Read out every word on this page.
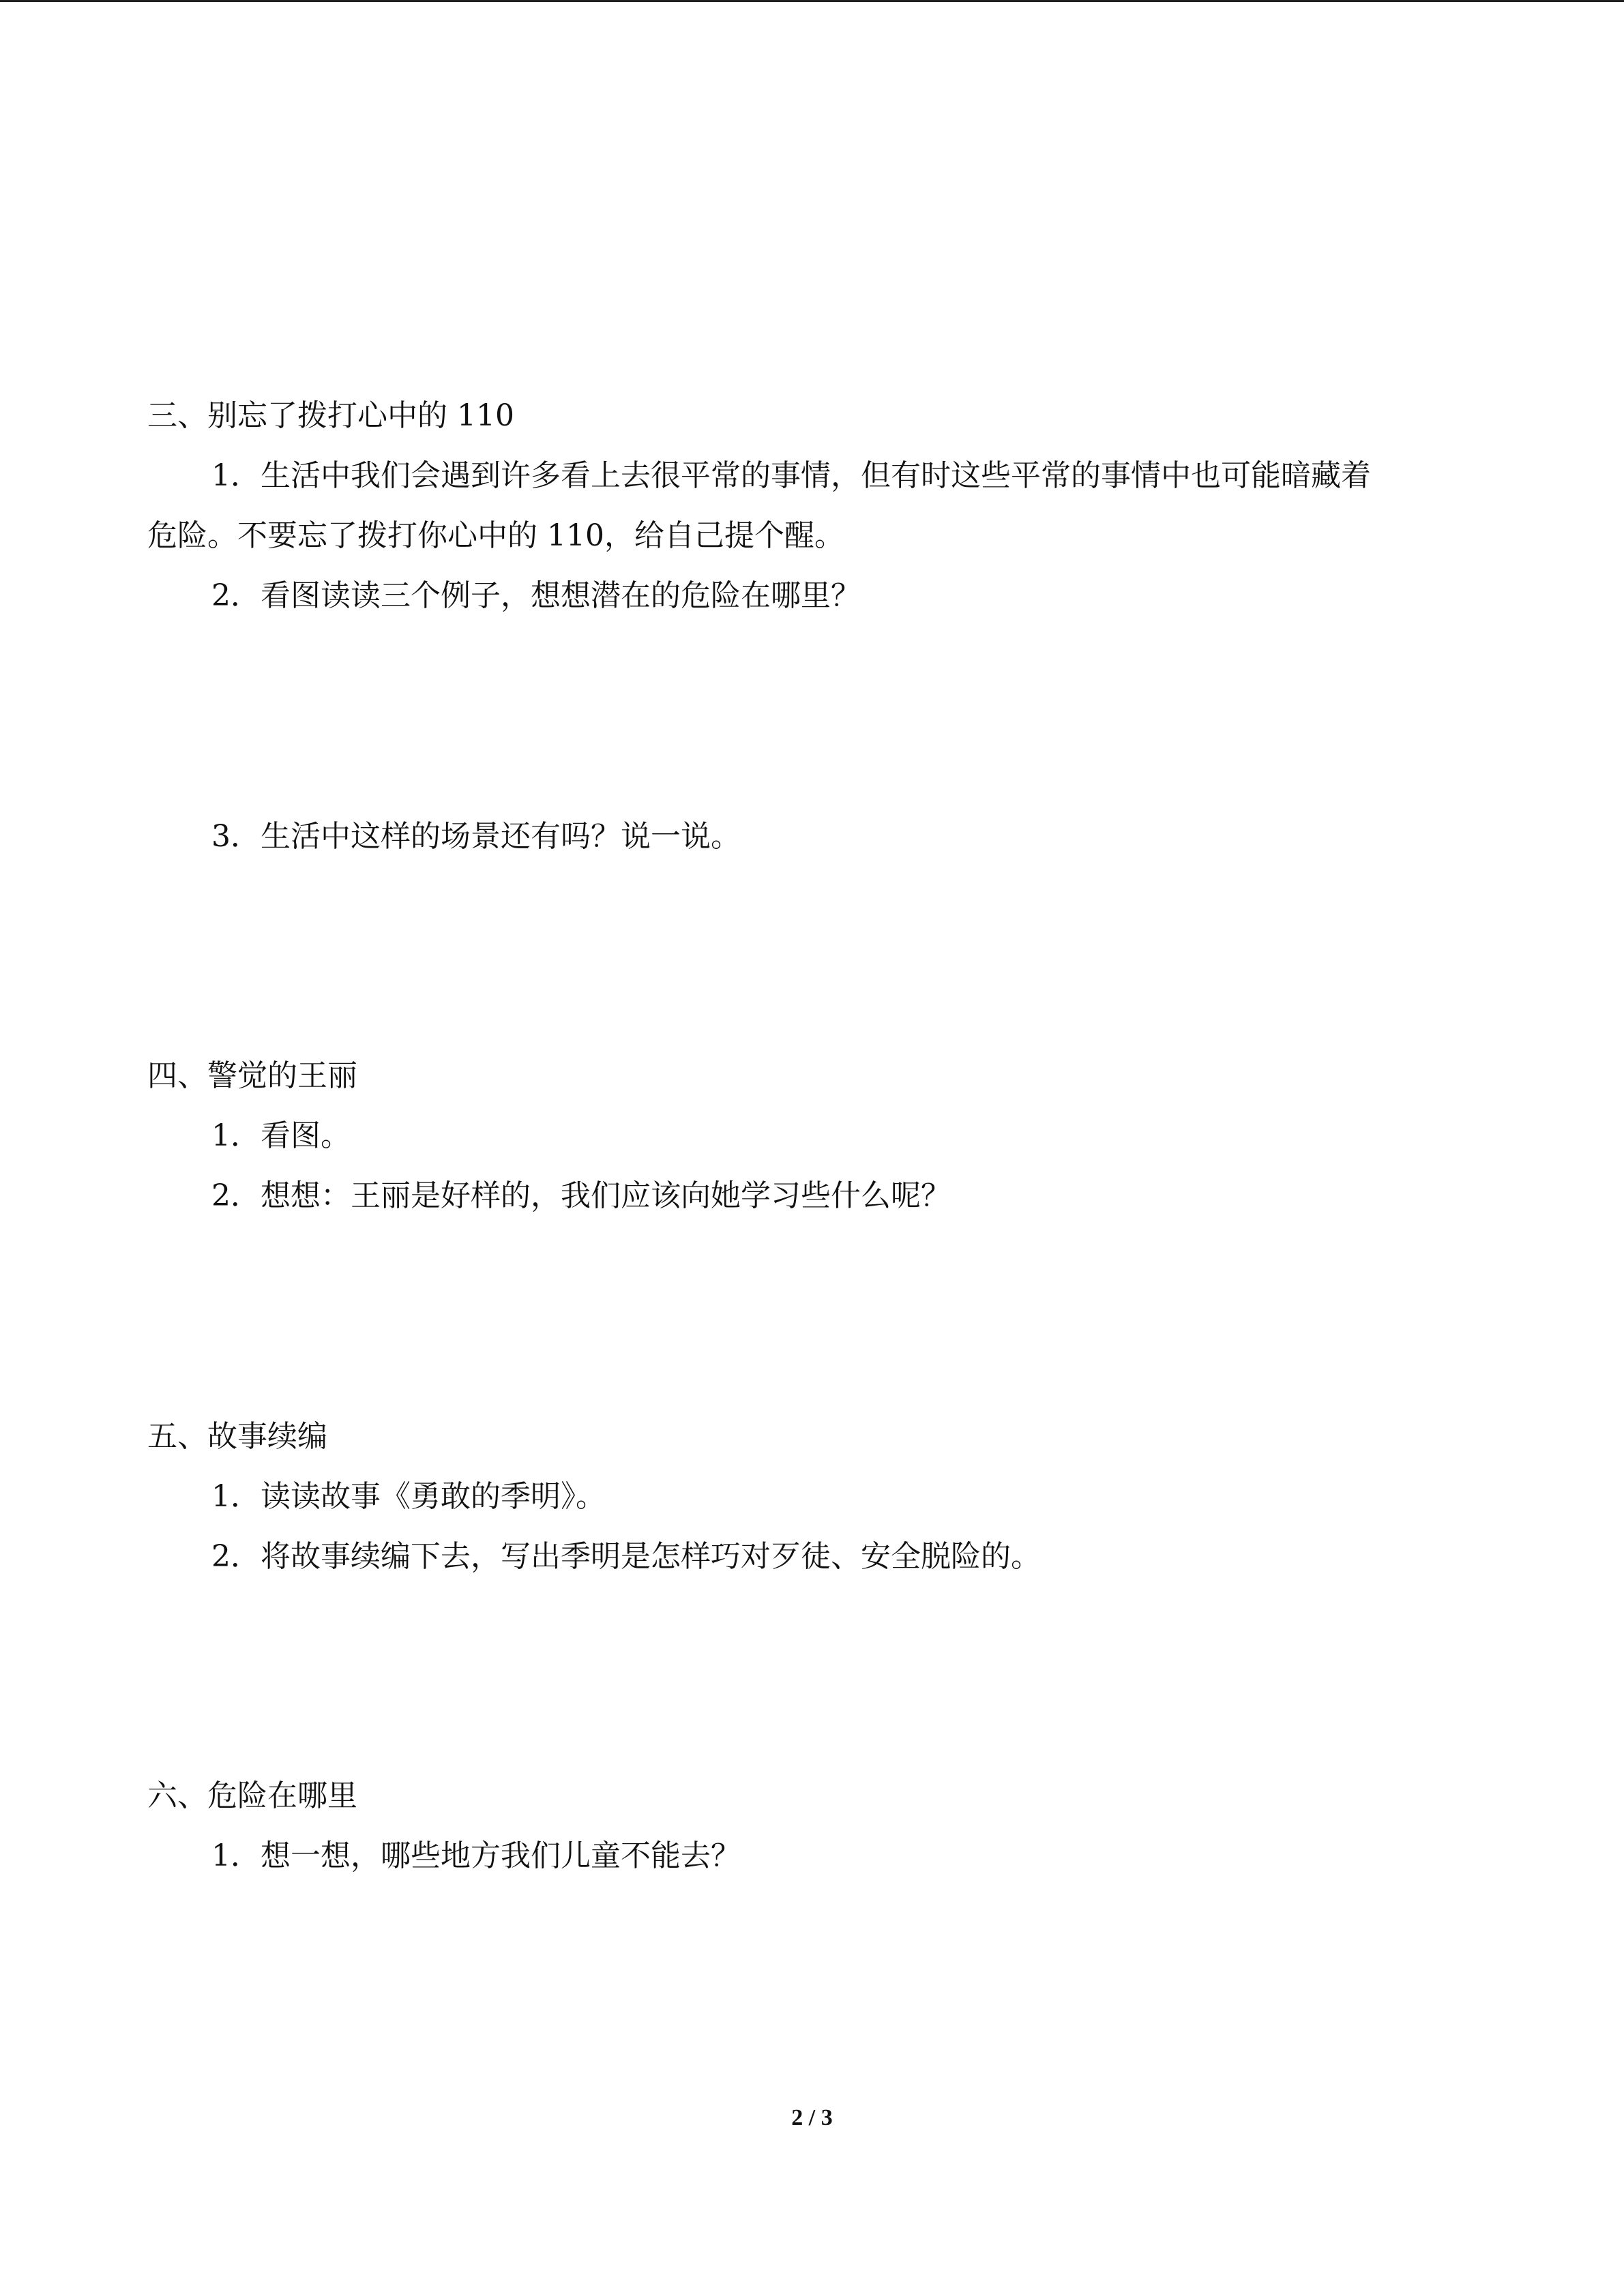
三、别忘了拨打心中的 110
1．生活中我们会遇到许多看上去很平常的事情，但有时这些平常的事情中也可能暗藏着
危险。不要忘了拨打你心中的 110，给自己提个醒。
2．看图读读三个例子，想想潜在的危险在哪里？
3．生活中这样的场景还有吗？说一说。
四、警觉的王丽
1．看图。
2．想想：王丽是好样的，我们应该向她学习些什么呢？
五、故事续编
1．读读故事《勇敢的季明》。
2．将故事续编下去，写出季明是怎样巧对歹徒、安全脱险的。
六、危险在哪里
1．想一想，哪些地方我们儿童不能去？
2 / 3
